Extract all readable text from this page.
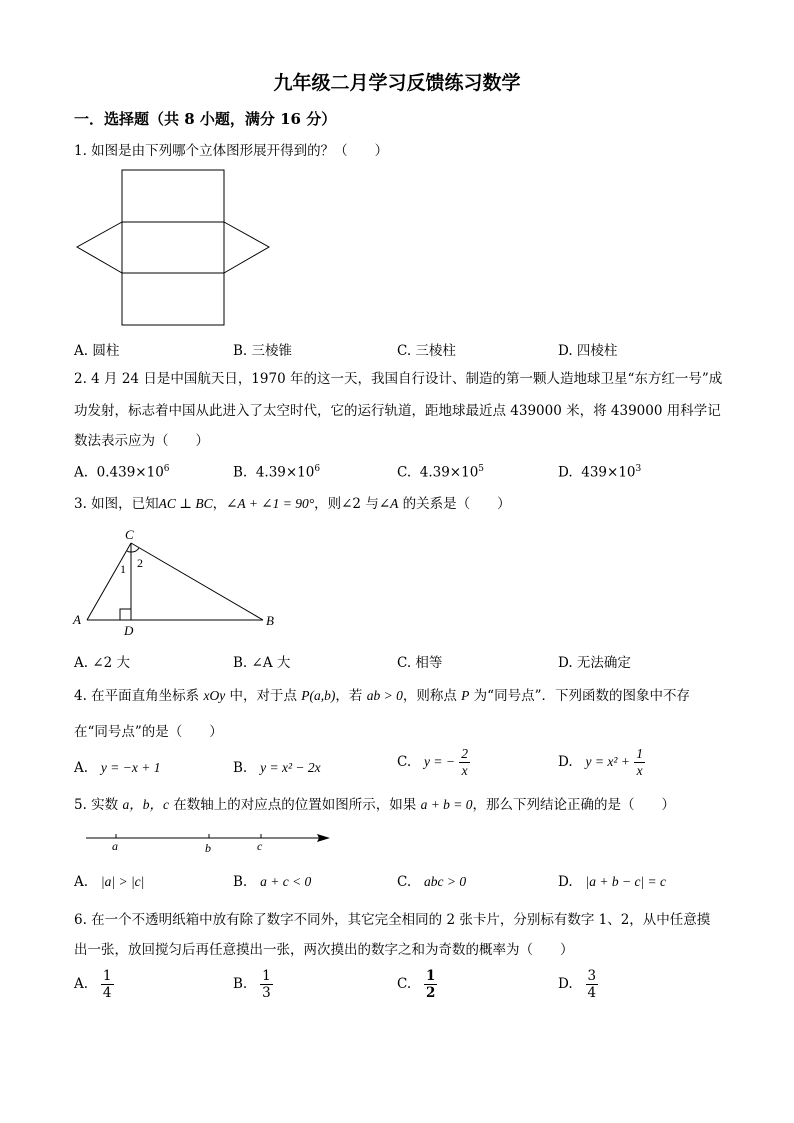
九年级二月学习反馈练习数学
一．选择题（共 8 小题，满分 16 分）
1. 如图是由下列哪个立体图形展开得到的？（　　）
A. 圆柱	B. 三棱锥	C. 三棱柱	D. 四棱柱
2. 4 月 24 日是中国航天日，1970 年的这一天，我国自行设计、制造的第一颗人造地球卫星“东方红一号”成
功发射，标志着中国从此进入了太空时代，它的运行轨道，距地球最近点 439000 米，将 439000 用科学记
数法表示应为（　　）
A. $0.439\times 10^6$	B. $4.39\times 10^6$	C. $4.39\times 10^5$	D. $439\times 10^3$
3. 如图，已知AC ⊥ BC，∠A + ∠1 = 90°，则∠2 与∠A 的关系是（　　）
C
A	B
D
1 2
A. ∠2 大	B. ∠A 大	C. 相等	D. 无法确定
4. 在平面直角坐标系 xOy 中，对于点 P(a,b)，若 ab > 0，则称点 P 为“同号点”．下列函数的图象中不存
在“同号点”的是（　　）
A. y = −x + 1	B. y = x² − 2x	C. y = − $\frac{2}{x}$	D. $y = x^2 + \frac{1}{x}$
5. 实数 a，b，c 在数轴上的对应点的位置如图所示，如果 a + b = 0，那么下列结论正确的是（　　）
a	b	c
A. |a| > |c|	B. a + c < 0	C. abc > 0	D. |a + b − c| = c
6. 在一个不透明纸箱中放有除了数字不同外，其它完全相同的 2 张卡片，分别标有数字 1、2，从中任意摸
出一张，放回搅匀后再任意摸出一张，两次摸出的数字之和为奇数的概率为（　　）
A. $\frac{1}{4}$	B. $\frac{1}{3}$	C. $\frac{1}{2}$	D. $\frac{3}{4}$
